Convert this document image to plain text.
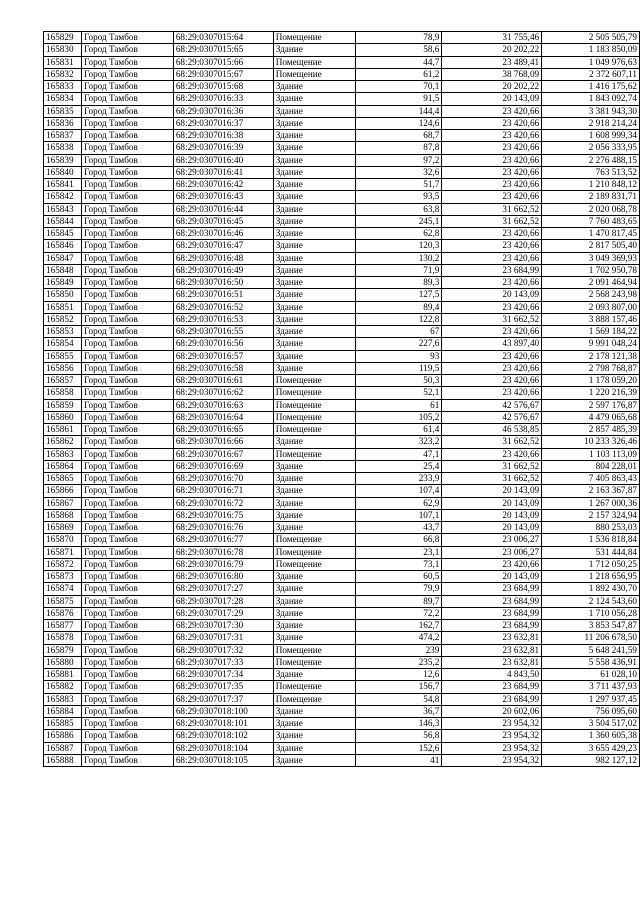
165829	Город Тамбов	68:29:0307015:64	Помещение	78,9	31 755,46	2 505 505,79
165830	Город Тамбов	68:29:0307015:65	Здание	58,6	20 202,22	1 183 850,09
165831	Город Тамбов	68:29:0307015:66	Помещение	44,7	23 489,41	1 049 976,63
165832	Город Тамбов	68:29:0307015:67	Помещение	61,2	38 768,09	2 372 607,11
165833	Город Тамбов	68:29:0307015:68	Здание	70,1	20 202,22	1 416 175,62
165834	Город Тамбов	68:29:0307016:33	Здание	91,5	20 143,09	1 843 092,74
165835	Город Тамбов	68:29:0307016:36	Здание	144,4	23 420,66	3 381 943,30
165836	Город Тамбов	68:29:0307016:37	Здание	124,6	23 420,66	2 918 214,24
165837	Город Тамбов	68:29:0307016:38	Здание	68,7	23 420,66	1 608 999,34
165838	Город Тамбов	68:29:0307016:39	Здание	87,8	23 420,66	2 056 333,95
165839	Город Тамбов	68:29:0307016:40	Здание	97,2	23 420,66	2 276 488,15
165840	Город Тамбов	68:29:0307016:41	Здание	32,6	23 420,66	763 513,52
165841	Город Тамбов	68:29:0307016:42	Здание	51,7	23 420,66	1 210 848,12
165842	Город Тамбов	68:29:0307016:43	Здание	93,5	23 420,66	2 189 831,71
165843	Город Тамбов	68:29:0307016:44	Здание	63,8	31 662,52	2 020 068,78
165844	Город Тамбов	68:29:0307016:45	Здание	245,1	31 662,52	7 760 483,65
165845	Город Тамбов	68:29:0307016:46	Здание	62,8	23 420,66	1 470 817,45
165846	Город Тамбов	68:29:0307016:47	Здание	120,3	23 420,66	2 817 505,40
165847	Город Тамбов	68:29:0307016:48	Здание	130,2	23 420,66	3 049 369,93
165848	Город Тамбов	68:29:0307016:49	Здание	71,9	23 684,99	1 702 950,78
165849	Город Тамбов	68:29:0307016:50	Здание	89,3	23 420,66	2 091 464,94
165850	Город Тамбов	68:29:0307016:51	Здание	127,5	20 143,09	2 568 243,98
165851	Город Тамбов	68:29:0307016:52	Здание	89,4	23 420,66	2 093 807,00
165852	Город Тамбов	68:29:0307016:53	Здание	122,8	31 662,52	3 888 157,46
165853	Город Тамбов	68:29:0307016:55	Здание	67	23 420,66	1 569 184,22
165854	Город Тамбов	68:29:0307016:56	Здание	227,6	43 897,40	9 991 048,24
165855	Город Тамбов	68:29:0307016:57	Здание	93	23 420,66	2 178 121,38
165856	Город Тамбов	68:29:0307016:58	Здание	119,5	23 420,66	2 798 768,87
165857	Город Тамбов	68:29:0307016:61	Помещение	50,3	23 420,66	1 178 059,20
165858	Город Тамбов	68:29:0307016:62	Помещение	52,1	23 420,66	1 220 216,39
165859	Город Тамбов	68:29:0307016:63	Помещение	61	42 576,67	2 597 176,87
165860	Город Тамбов	68:29:0307016:64	Помещение	105,2	42 576,67	4 479 065,68
165861	Город Тамбов	68:29:0307016:65	Помещение	61,4	46 538,85	2 857 485,39
165862	Город Тамбов	68:29:0307016:66	Здание	323,2	31 662,52	10 233 326,46
165863	Город Тамбов	68:29:0307016:67	Помещение	47,1	23 420,66	1 103 113,09
165864	Город Тамбов	68:29:0307016:69	Здание	25,4	31 662,52	804 228,01
165865	Город Тамбов	68:29:0307016:70	Здание	233,9	31 662,52	7 405 863,43
165866	Город Тамбов	68:29:0307016:71	Здание	107,4	20 143,09	2 163 367,87
165867	Город Тамбов	68:29:0307016:72	Здание	62,9	20 143,09	1 267 000,36
165868	Город Тамбов	68:29:0307016:75	Здание	107,1	20 143,09	2 157 324,94
165869	Город Тамбов	68:29:0307016:76	Здание	43,7	20 143,09	880 253,03
165870	Город Тамбов	68:29:0307016:77	Помещение	66,8	23 006,27	1 536 818,84
165871	Город Тамбов	68:29:0307016:78	Помещение	23,1	23 006,27	531 444,84
165872	Город Тамбов	68:29:0307016:79	Помещение	73,1	23 420,66	1 712 050,25
165873	Город Тамбов	68:29:0307016:80	Здание	60,5	20 143,09	1 218 656,95
165874	Город Тамбов	68:29:0307017:27	Здание	79,9	23 684,99	1 892 430,70
165875	Город Тамбов	68:29:0307017:28	Здание	89,7	23 684,99	2 124 543,60
165876	Город Тамбов	68:29:0307017:29	Здание	72,2	23 684,99	1 710 056,28
165877	Город Тамбов	68:29:0307017:30	Здание	162,7	23 684,99	3 853 547,87
165878	Город Тамбов	68:29:0307017:31	Здание	474,2	23 632,81	11 206 678,50
165879	Город Тамбов	68:29:0307017:32	Помещение	239	23 632,81	5 648 241,59
165880	Город Тамбов	68:29:0307017:33	Помещение	235,2	23 632,81	5 558 436,91
165881	Город Тамбов	68:29:0307017:34	Здание	12,6	4 843,50	61 028,10
165882	Город Тамбов	68:29:0307017:35	Помещение	156,7	23 684,99	3 711 437,93
165883	Город Тамбов	68:29:0307017:37	Помещение	54,8	23 684,99	1 297 937,45
165884	Город Тамбов	68:29:0307018:100	Здание	36,7	20 602,06	756 095,60
165885	Город Тамбов	68:29:0307018:101	Здание	146,3	23 954,32	3 504 517,02
165886	Город Тамбов	68:29:0307018:102	Здание	56,8	23 954,32	1 360 605,38
165887	Город Тамбов	68:29:0307018:104	Здание	152,6	23 954,32	3 655 429,23
165888	Город Тамбов	68:29:0307018:105	Здание	41	23 954,32	982 127,12
